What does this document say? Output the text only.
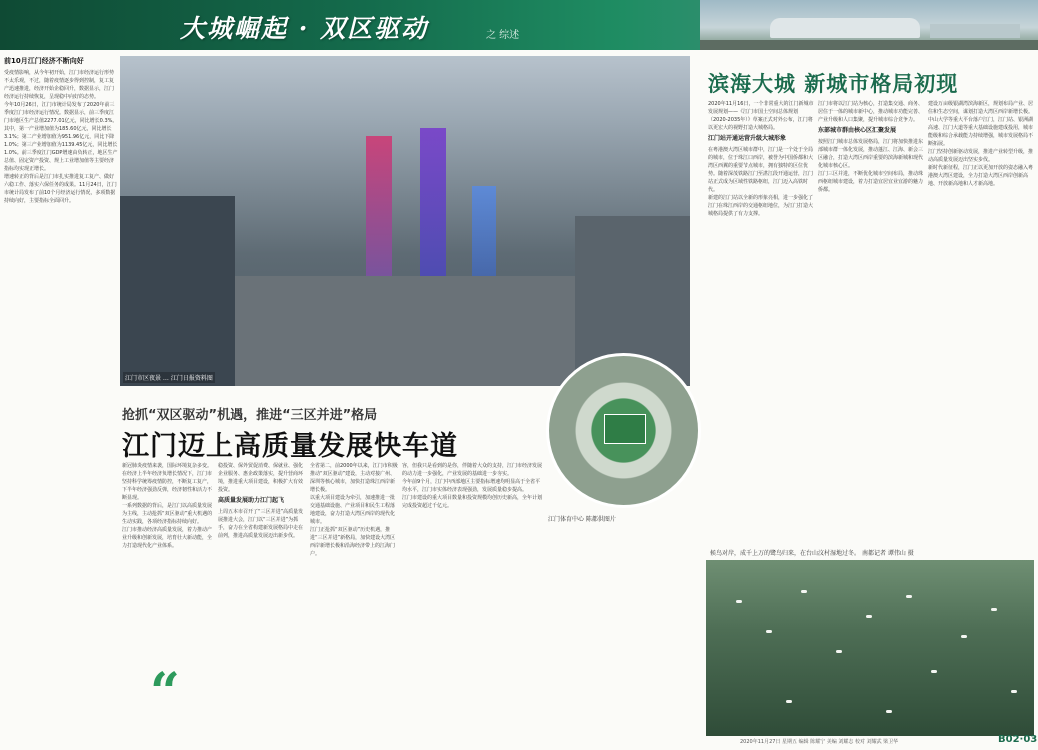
大城崛起 · 双区驱动	之 综述
前10月江门经济不断向好

受疫情影响，从今年初开始，江门市经济运行形势不太乐观，不过，随着疫情逐步得到控制，复工复产迅速推进，经济开始企稳回升，数据显示，江门经济运行持续恢复，呈现稳中向好的态势。

今年10月26日，江门市统计局发布了2020年前三季度江门市经济运行情况。数据显示，前三季度江门市地区生产总值2277.01亿元，同比增长0.3%。其中，第一产业增加值为185.60亿元，同比增长3.1%；第二产业增加值为951.96亿元，同比下降1.0%；第三产业增加值为1139.45亿元，同比增长1.0%。前三季度江门GDP增速由负转正，地区生产总值、固定资产投资、规上工业增加值等主要经济指标均实现正增长。

增速转正的背后是江门市扎实推进复工复产、做好六稳工作、落实六保任务的成果。11月24日，江门市统计局发布了前10个月经济运行情况，多项数据持续向好，主要指标全面回升。

江门市区夜景 … 江门日报资料图
江门体育中心 陈都供图片
抢抓“双区驱动”机遇，推进“三区并进”格局
江门迈上高质量发展快车道

新冠肺炎疫情来袭，国际环境复杂多变。在经济上半年经济负增长情况下，江门市坚持科学统筹疫情防控，不断复工复产，下半年经济强劲反弹，经济韧性和活力不断显现。

一系列数据的背后，是江门以高质量发展为主线，主动抢抓“双区驱动”重大机遇的生动实践，各项经济指标持续向好。

江门市推动经济高质量发展，着力推动产业升级和创新发展，培育壮大新动能，全力打造现代化产业体系。

稳投资、保外贸促消费、保就业、强化企业服务、惠企政策落实，提升营商环境，推进重大项目建设，积极扩大有效投资。

高质量发展助力江门起飞

上周五本市召开了“三区并进”高质量发展推进大会，江门以“三区并进”为抓手，奋力在全省构建新发展格局中走在前列，推进高质量发展迈出新步伐。

全省第二，前2000年以来，江门市积极推动“双区驱动”建设，主动对接广州、深圳等核心城市，加快打造珠江西岸新增长极。

以重大项目建设为牵引，加速推进一批交通基础设施、产业项目和民生工程落地建设，奋力打造大湾区西岸的现代化城市。

江门正抢抓“双区驱动”历史机遇，推进“三区并进”新格局，加快建设大湾区西岸新增长极和沿海经济带上的江海门户。

容，但我只是看到的是你，伴随着大众的支持，江门市经济发展的动力进一步强化，产业发展的基础进一步夯实。

今年前9个月，江门中西部地区主要指标增速均明显高于全省平均水平，江门市实体经济表现强劲，发展质量稳步提高。

江门市建设的重大项目数量和投资规模均创历史新高，全年计划完成投资超过千亿元。

“
滨海大城 新城市格局初现

2020年11月16日，一个非常重大的江门新城市发展规划——《江门市国土空间总体规划（2020-2035年）》草案正式对外公布，江门将以更宏大的视野打造大城格局。

江门站开通运营升级大城形象

在粤港澳大湾区城市群中，江门是一个处于全局的城市，位于珠江口西岸，被誉为中国侨都和大湾区西翼的重要节点城市，拥有独特的区位优势。随着深茂铁路江门至湛江段开通运营，江门站正式成为区域性铁路枢纽，江门迈入高铁时代。

新建的江门站以全新的形象亮相，进一步强化了江门在珠江西岸的交通枢纽地位，为江门打造大城格局提供了有力支撑。

江门市将以江门站为核心，打造集交通、商务、居住于一体的城市新中心，推动城市功能完善、产业升级和人口集聚，提升城市综合竞争力。

东部城市群由核心区汇聚发展

按照江门城市总体发展格局，江门将加快推进东部城市群一体化发展，推动蓬江、江海、新会三区融合，打造大湾区西岸重要的滨海新城和现代化城市核心区。

江门三区并进，不断优化城市空间布局，推动珠西枢纽城市建设，着力打造宜居宜业宜游的魅力侨都。

建设万亩级银湖湾滨海新区，规划布局产业、居住和生态空间，谋划打造大湾区西岸新增长极。

中山大学等重大平台落户江门，江门站、银洲湖高速、江门大道等重大基础设施建成投用，城市能级和综合承载能力持续增强，城市发展格局不断拓展。

江门坚持创新驱动发展，推进产业转型升级，推动高质量发展迈出坚实步伐。

新时代新征程，江门正以更加开放的姿态融入粤港澳大湾区建设，全力打造大湾区西岸创新高地、开放新高地和人才新高地。

候鸟对岸，成千上万的鹭鸟归来，在台山汶村湿地过冬。 南都记者 谭伟山 摄
2020年11月27日 星期五 编辑 陈耀宁 美编 刘耀志 校对 刘耀武 梁卫华	B02·03
